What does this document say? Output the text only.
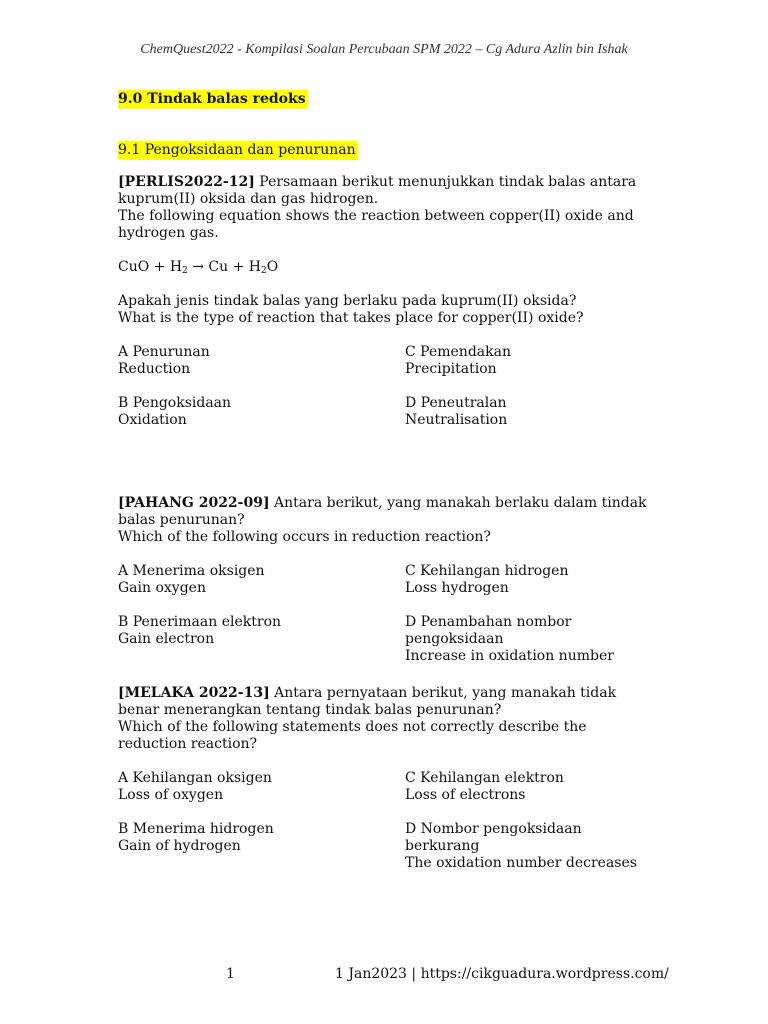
ChemQuest2022 - Kompilasi Soalan Percubaan SPM 2022 – Cg Adura Azlin bin Ishak
9.0 Tindak balas redoks
9.1 Pengoksidaan dan penurunan

[PERLIS2022-12] Persamaan berikut menunjukkan tindak balas antara kuprum(II) oksida dan gas hidrogen.

The following equation shows the reaction between copper(II) oxide and hydrogen gas.

CuO + $H_2 \to Cu + H_2O$

Apakah jenis tindak balas yang berlaku pada kuprum(II) oksida?

What is the type of reaction that takes place for copper(II) oxide?

A Penurunan
Reduction
B Pengoksidaan
Oxidation
C Pemendakan
Precipitation
D Peneutralan
Neutralisation

[PAHANG 2022-09] Antara berikut, yang manakah berlaku dalam tindak balas penurunan?

Which of the following occurs in reduction reaction?

A Menerima oksigen
Gain oxygen
B Penerimaan elektron
Gain electron
C Kehilangan hidrogen
Loss hydrogen
D Penambahan nombor
pengoksidaan
Increase in oxidation number

[MELAKA 2022-13] Antara pernyataan berikut, yang manakah tidak benar menerangkan tentang tindak balas penurunan?

Which of the following statements does not correctly describe the reduction reaction?

A Kehilangan oksigen
Loss of oxygen
B Menerima hidrogen
Gain of hydrogen
C Kehilangan elektron
Loss of electrons
D Nombor pengoksidaan
berkurang
The oxidation number decreases
1	1 Jan2023 | https://cikguadura.wordpress.com/
